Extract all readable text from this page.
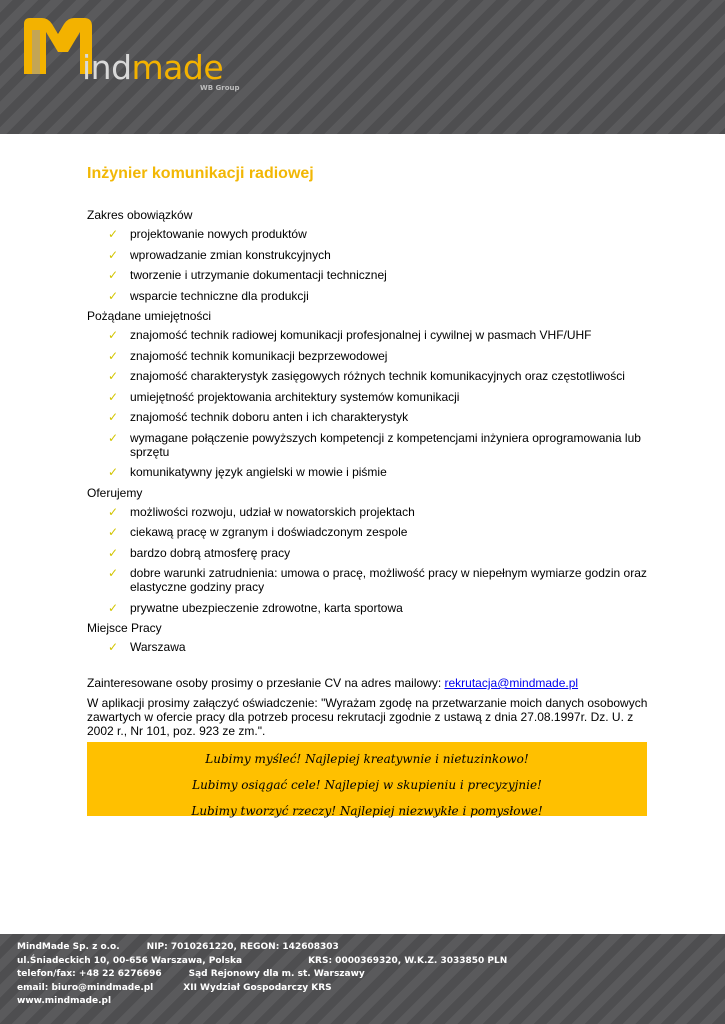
indmade
WB Group
Inżynier komunikacji radiowej
Zakres obowiązków
✓ projektowanie nowych produktów
✓ wprowadzanie zmian konstrukcyjnych
✓ tworzenie i utrzymanie dokumentacji technicznej
✓ wsparcie techniczne dla produkcji
Pożądane umiejętności
✓ znajomość technik radiowej komunikacji profesjonalnej i cywilnej w pasmach VHF/UHF
✓ znajomość technik komunikacji bezprzewodowej
✓ znajomość charakterystyk zasięgowych różnych technik komunikacyjnych oraz częstotliwości
✓ umiejętność projektowania architektury systemów komunikacji
✓ znajomość technik doboru anten i ich charakterystyk
✓ wymagane połączenie powyższych kompetencji z kompetencjami inżyniera oprogramowania lub sprzętu
✓ komunikatywny język angielski w mowie i piśmie
Oferujemy
✓ możliwości rozwoju, udział w nowatorskich projektach
✓ ciekawą pracę w zgranym i doświadczonym zespole
✓ bardzo dobrą atmosferę pracy
✓ dobre warunki zatrudnienia: umowa o pracę, możliwość pracy w niepełnym wymiarze godzin oraz elastyczne godziny pracy
✓ prywatne ubezpieczenie zdrowotne, karta sportowa
Miejsce Pracy
✓ Warszawa

Zainteresowane osoby prosimy o przesłanie CV na adres mailowy: rekrutacja@mindmade.pl

W aplikacji prosimy załączyć oświadczenie: "Wyrażam zgodę na przetwarzanie moich danych osobowych zawartych w ofercie pracy dla potrzeb procesu rekrutacji zgodnie z ustawą z dnia 27.08.1997r. Dz. U. z 2002 r., Nr 101, poz. 923 ze zm.".

Lubimy myśleć! Najlepiej kreatywnie i nietuzinkowo!
Lubimy osiągać cele! Najlepiej w skupieniu i precyzyjnie!
Lubimy tworzyć rzeczy! Najlepiej niezwykłe i pomysłowe!
MindMade Sp. z o.o.	NIP: 7010261220, REGON: 142608303
ul.Śniadeckich 10, 00-656 Warszawa, Polska	KRS: 0000369320, W.K.Z. 3033850 PLN
telefon/fax: +48 22 6276696	Sąd Rejonowy dla m. st. Warszawy
email: biuro@mindmade.pl	XII Wydział Gospodarczy KRS
www.mindmade.pl
